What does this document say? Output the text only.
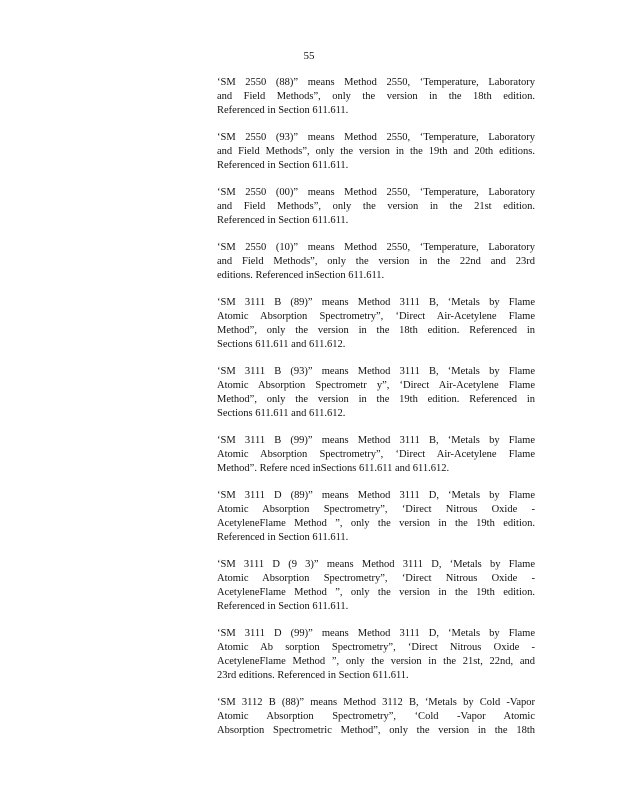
55
‘SM 2550 (88)” means Method 2550, ‘Temperature, Laboratory
and Field Methods”, only the version in the 18th edition.
Referenced in Section 611.611.
‘SM 2550 (93)” means Method 2550, ‘Temperature, Laboratory
and Field Methods”, only the version in the 19th and 20th editions.
Referenced in Section 611.611.
‘SM 2550 (00)” means Method 2550, ‘Temperature, Laboratory
and Field Methods”, only the version in the 21st edition.
Referenced in Section 611.611.
‘SM 2550 (10)” means Method 2550, ‘Temperature, Laboratory
and Field Methods”, only the version in the 22nd and 23rd
editions. Referenced inSection 611.611.
‘SM 3111 B (89)” means Method 3111 B, ‘Metals by Flame
Atomic Absorption Spectrometry”, ‘Direct Air-Acetylene Flame
Method”, only the version in the 18th edition. Referenced in
Sections 611.611 and 611.612.
‘SM 3111 B (93)” means Method 3111 B, ‘Metals by Flame
Atomic Absorption Spectrometr y”, ‘Direct Air-Acetylene Flame
Method”, only the version in the 19th edition. Referenced in
Sections 611.611 and 611.612.
‘SM 3111 B (99)” means Method 3111 B, ‘Metals by Flame
Atomic Absorption Spectrometry”, ‘Direct Air-Acetylene Flame
Method”. Refere nced inSections 611.611 and 611.612.
‘SM 3111 D (89)” means Method 3111 D, ‘Metals by Flame
Atomic Absorption Spectrometry”, ‘Direct Nitrous Oxide -
AcetyleneFlame Method ”, only the version in the 19th edition.
Referenced in Section 611.611.
‘SM 3111 D (9 3)” means Method 3111 D, ‘Metals by Flame
Atomic Absorption Spectrometry”, ‘Direct Nitrous Oxide -
AcetyleneFlame Method ”, only the version in the 19th edition.
Referenced in Section 611.611.
‘SM 3111 D (99)” means Method 3111 D, ‘Metals by Flame
Atomic Ab sorption Spectrometry”, ‘Direct Nitrous Oxide -
AcetyleneFlame Method ”, only the version in the 21st, 22nd, and
23rd editions. Referenced in Section 611.611.
‘SM 3112 B (88)” means Method 3112 B, ‘Metals by Cold -Vapor
Atomic Absorption Spectrometry”, ‘Cold -Vapor Atomic
Absorption Spectrometric Method”, only the version in the 18th
